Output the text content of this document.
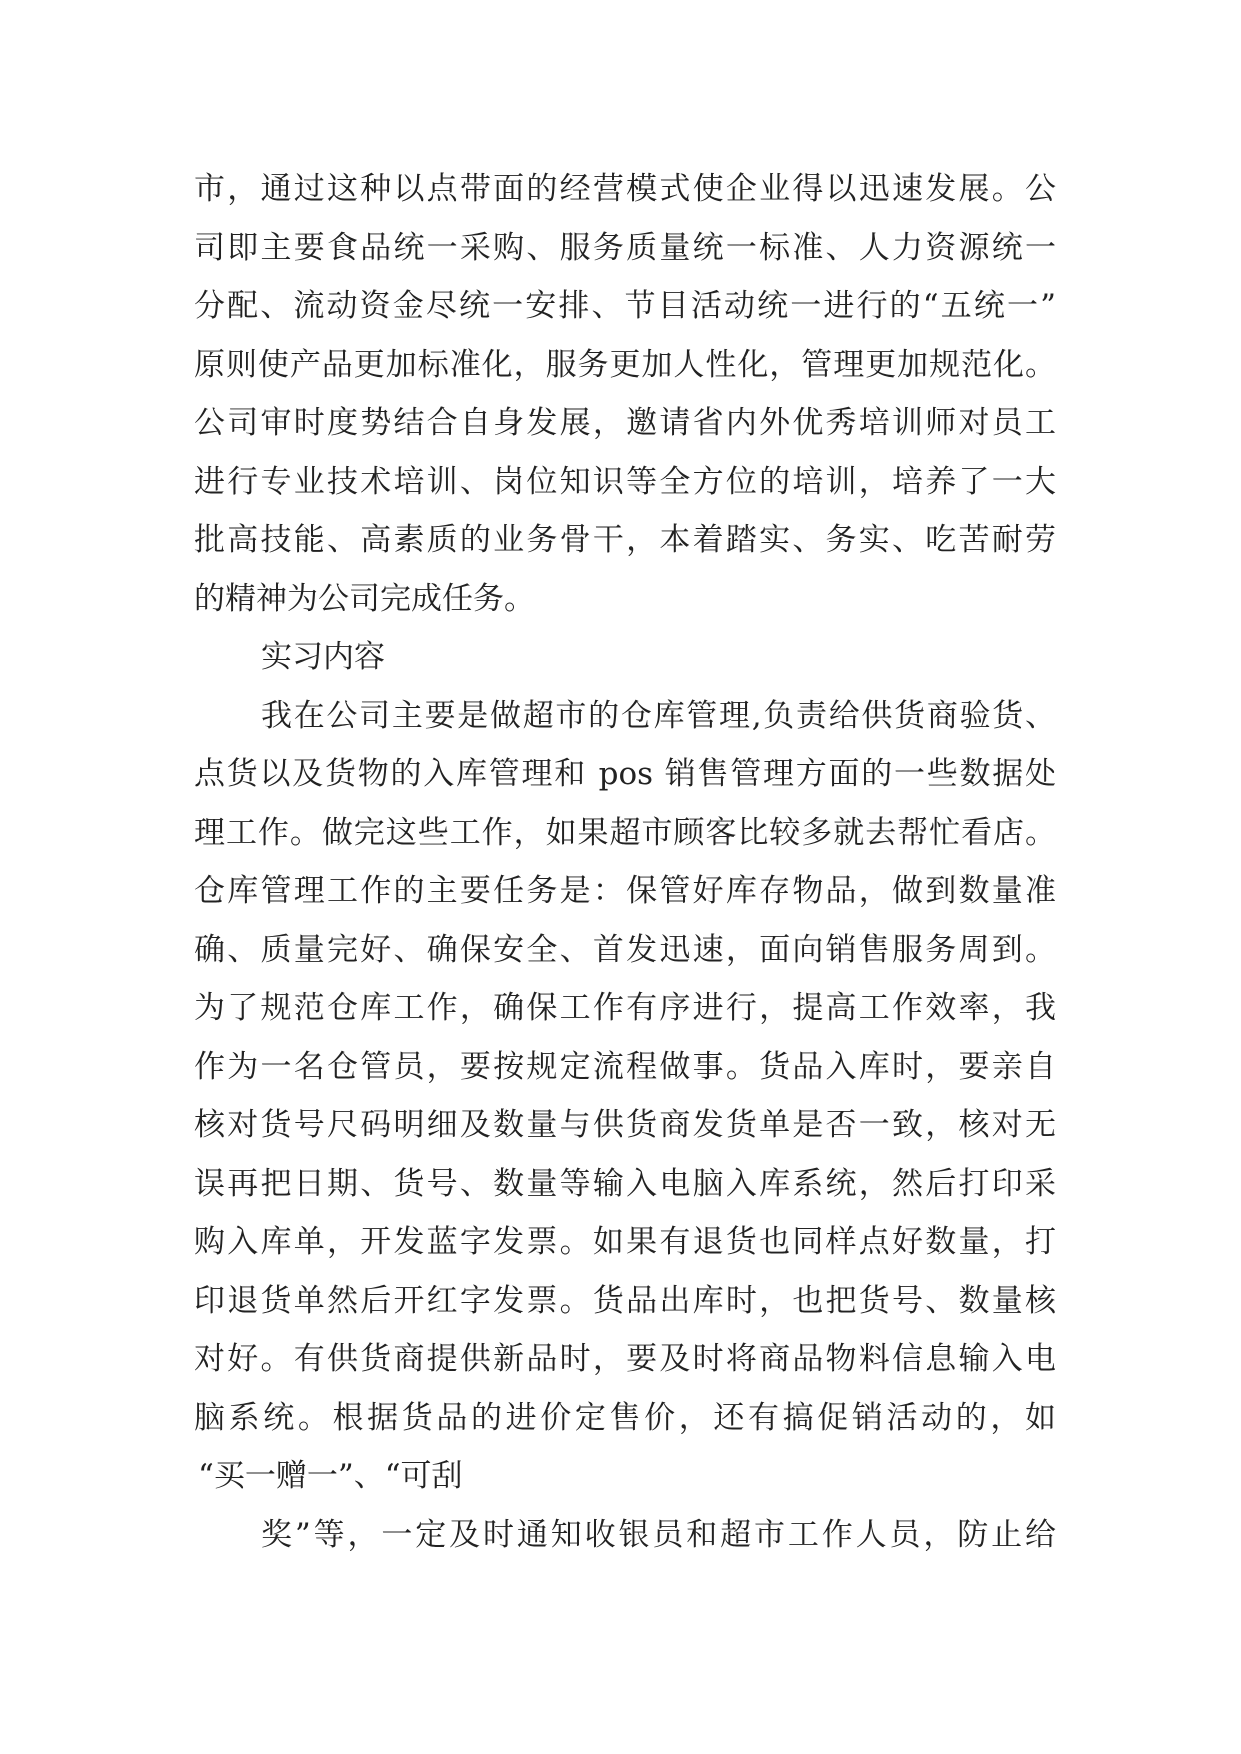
市，通过这种以点带面的经营模式使企业得以迅速发展。公
司即主要食品统一采购、服务质量统一标准、人力资源统一
分配、流动资金尽统一安排、节目活动统一进行的“五统一”
原则使产品更加标准化，服务更加人性化，管理更加规范化。
公司审时度势结合自身发展，邀请省内外优秀培训师对员工
进行专业技术培训、岗位知识等全方位的培训，培养了一大
批高技能、高素质的业务骨干，本着踏实、务实、吃苦耐劳
的精神为公司完成任务。
实习内容
我在公司主要是做超市的仓库管理,负责给供货商验货、
点货以及货物的入库管理和 pos 销售管理方面的一些数据处
理工作。做完这些工作，如果超市顾客比较多就去帮忙看店。
仓库管理工作的主要任务是：保管好库存物品，做到数量准
确、质量完好、确保安全、首发迅速，面向销售服务周到。
为了规范仓库工作，确保工作有序进行，提高工作效率，我
作为一名仓管员，要按规定流程做事。货品入库时，要亲自
核对货号尺码明细及数量与供货商发货单是否一致，核对无
误再把日期、货号、数量等输入电脑入库系统，然后打印采
购入库单，开发蓝字发票。如果有退货也同样点好数量，打
印退货单然后开红字发票。货品出库时，也把货号、数量核
对好。有供货商提供新品时，要及时将商品物料信息输入电
脑系统。根据货品的进价定售价，还有搞促销活动的，如
“买一赠一”、“可刮
奖”等，一定及时通知收银员和超市工作人员，防止给
